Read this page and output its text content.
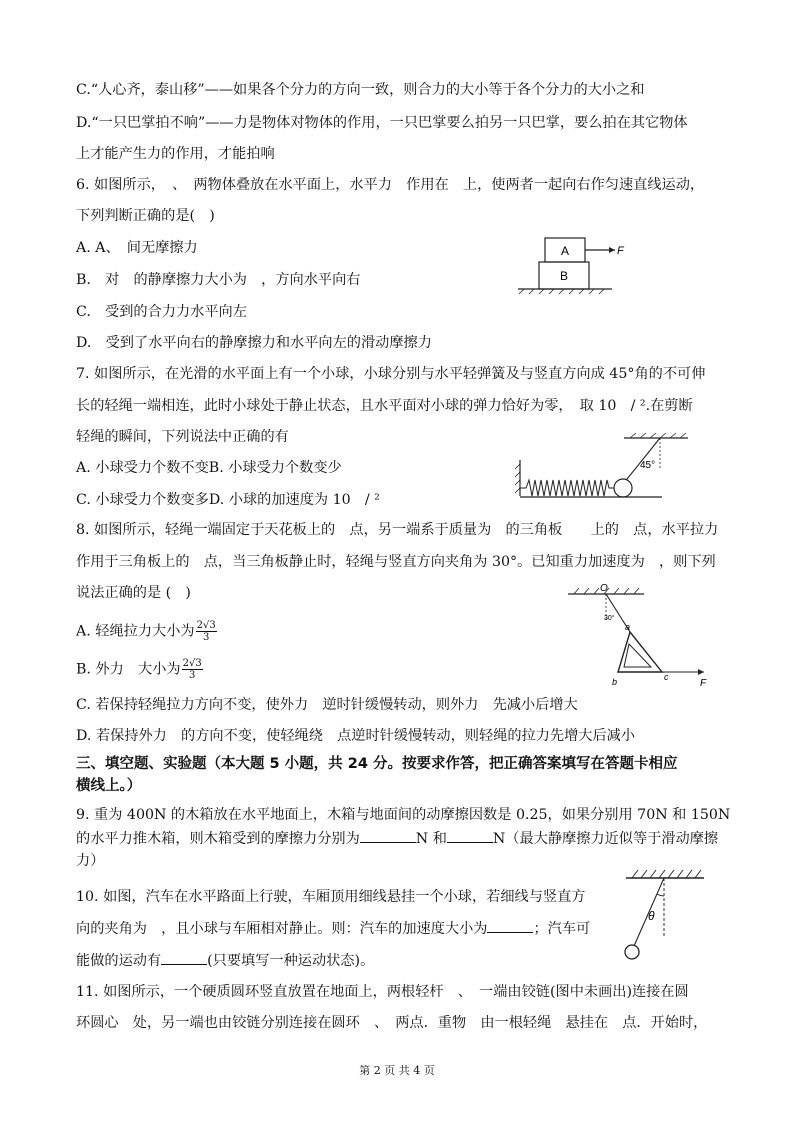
C.“人心齐，泰山移”——如果各个分力的方向一致，则合力的大小等于各个分力的大小之和
D.“一只巴掌拍不响”——力是物体对物体的作用，一只巴掌要么拍另一只巴掌，要么拍在其它物体
上才能产生力的作用，才能拍响
6. 如图所示，　、　两物体叠放在水平面上，水平力　作用在　上，使两者一起向右作匀速直线运动，
下列判断正确的是(　)
A. A、　间无摩擦力
B.　对　的静摩擦力大小为　，方向水平向右
C.　受到的合力力水平向左
D.　受到了水平向右的静摩擦力和水平向左的滑动摩擦力
7. 如图所示，在光滑的水平面上有一个小球，小球分别与水平轻弹簧及与竖直方向成 45°角的不可伸
长的轻绳一端相连，此时小球处于静止状态，且水平面对小球的弹力恰好为零，　取 10　/ ².在剪断
轻绳的瞬间，下列说法中正确的有
A. 小球受力个数不变B. 小球受力个数变少
C. 小球受力个数变多D. 小球的加速度为 10　/ ²
8. 如图所示，轻绳一端固定于天花板上的　点，另一端系于质量为　的三角板　　上的　点，水平拉力
作用于三角板上的　点，当三角板静止时，轻绳与竖直方向夹角为 30°。已知重力加速度为　，则下列
说法正确的是 (　)
A. 轻绳拉力大小为 $\frac{2√3}{3}$
B. 外力　大小为 $\frac{2√3}{3}$
C. 若保持轻绳拉力方向不变，使外力　逆时针缓慢转动，则外力　先减小后增大
D. 若保持外力　的方向不变，使轻绳绕　点逆时针缓慢转动，则轻绳的拉力先增大后减小
三、填空题、实验题（本大题 5 小题，共 24 分。按要求作答，把正确答案填写在答题卡相应
横线上。）
9. 重为 400N 的木箱放在水平地面上，木箱与地面间的动摩擦因数是 0.25，如果分别用 70N 和 150N
的水平力推木箱，则木箱受到的摩擦力分别为	N 和	N（最大静摩擦力近似等于滑动摩擦
力）
10. 如图，汽车在水平路面上行驶，车厢顶用细线悬挂一个小球，若细线与竖直方
向的夹角为　，且小球与车厢相对静止。则：汽车的加速度大小为	；汽车可
能做的运动有	(只要填写一种运动状态)。
11. 如图所示，一个硬质圆环竖直放置在地面上，两根轻杆　、　一端由铰链(图中未画出)连接在圆
环圆心　处，另一端也由铰链分别连接在圆环　、　两点．重物　由一根轻绳　悬挂在　点．开始时，
A
B
F
45°
O
30°
a
b	c
F
θ
第 2 页 共 4 页
